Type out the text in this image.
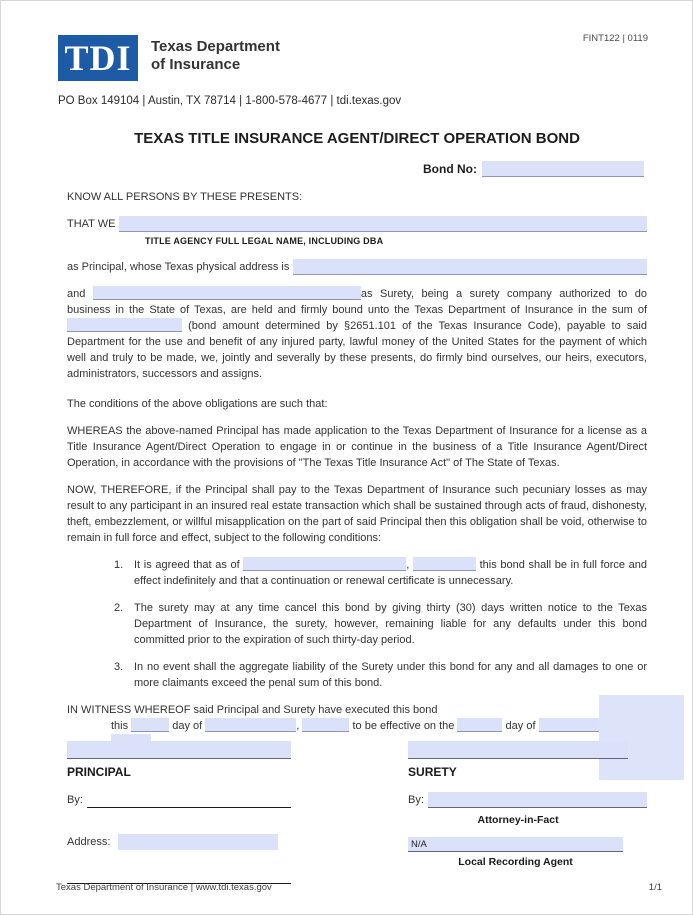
FINT122 | 0119
TDI	Texas Department
of Insurance
PO Box 149104 | Austin, TX 78714 | 1-800-578-4677 | tdi.texas.gov
TEXAS TITLE INSURANCE AGENT/DIRECT OPERATION BOND
Bond No:

KNOW ALL PERSONS BY THESE PRESENTS:

THAT WE
TITLE AGENCY FULL LEGAL NAME, INCLUDING DBA
as Principal, whose Texas physical address is

and	as Surety, being a surety company authorized to do business in the State of Texas, are held and firmly bound unto the Texas Department of Insurance in the sum of  (bond amount determined by §2651.101 of the Texas Insurance Code), payable to said Department for the use and benefit of any injured party, lawful money of the United States for the payment of which well and truly to be made, we, jointly and severally by these presents, do firmly bind ourselves, our heirs, executors, administrators, successors and assigns.

The conditions of the above obligations are such that:

WHEREAS the above-named Principal has made application to the Texas Department of Insurance for a license as a Title Insurance Agent/Direct Operation to engage in or continue in the business of a Title Insurance Agent/Direct Operation, in accordance with the provisions of "The Texas Title Insurance Act" of The State of Texas.

NOW, THEREFORE, if the Principal shall pay to the Texas Department of Insurance such pecuniary losses as may result to any participant in an insured real estate transaction which shall be sustained through acts of fraud, dishonesty, theft, embezzlement, or willful misapplication on the part of said Principal then this obligation shall be void, otherwise to remain in full force and effect, subject to the following conditions:

1. It is agreed that as of	,	this bond shall be in full force and effect indefinitely and that a continuation or renewal certificate is unnecessary.
2. The surety may at any time cancel this bond by giving thirty (30) days written notice to the Texas Department of Insurance, the surety, however, remaining liable for any defaults under this bond committed prior to the expiration of such thirty-day period.
3. In no event shall the aggregate liability of the Surety under this bond for any and all damages to one or more claimants exceed the penal sum of this bond.

IN WITNESS WHEREOF said Principal and Surety have executed this bond

this	day of	,	to be effective on the	day of
PRINCIPAL
By:
Address:
SURETY
By:
Attorney-in-Fact
N/A
Local Recording Agent
Texas Department of Insurance | www.tdi.texas.gov	1/1
